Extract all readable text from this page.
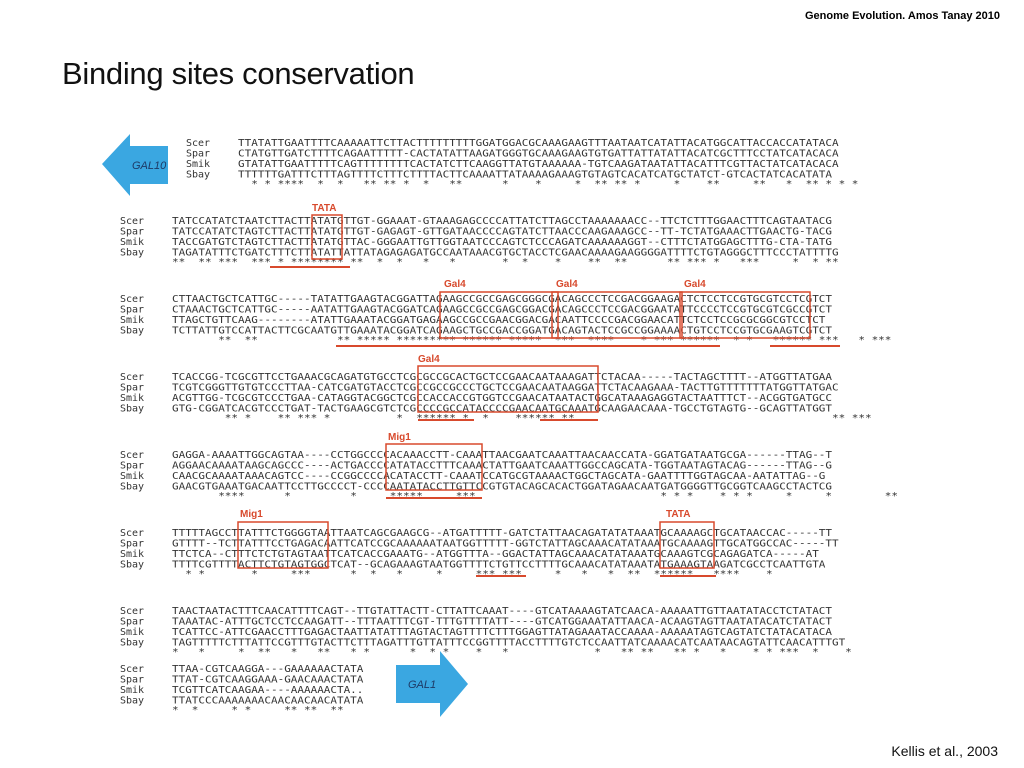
Genome Evolution. Amos Tanay 2010
Binding sites conservation
Kellis et al., 2003
GAL10
GAL1
Scer	TTATATTGAATTTTCAAAAATTCTTACTTTTTTTTTGGATGGACGCAAAGAAGTTTAATAATCATATTACATGGCATTACCACCATATACA
Spar	CTATGTTGATCTTTTCAGAATTTTT-CACTATATTAAGATGGGTGCAAAGAAGTGTGATTATTATATTACATCGCTTTCCTATCATACACA
Smik	GTATATTGAATTTTTCAGTTTTTTTTCACTATCTTCAAGGTTATGTAAAAAA-TGTCAAGATAATATTACATTTCGTTACTATCATACACA
Sbay	TTTTTTGATTTCTTTAGTTTTCTTTCTTTTACTTCAAAATTATAAAAGAAAGTGTAGTCACATCATGCTATCT-GTCACTATCACATATA
* * ****  *  *   ** ** *  *   **      *    *     *  ** ** *     *    **     **   *  ** * * *
Scer	TATCCATATCTAATCTTACTTATATGTTGT-GGAAAT-GTAAAGAGCCCCATTATCTTAGCCTAAAAAAACC--TTCTCTTTGGAACTTTCAGTAATACG
Spar	TATCCATATCTAGTCTTACTTATATGTTGT-GAGAGT-GTTGATAACCCCAGTATCTTAACCCAAGAAAGCC--TT-TCTATGAAACTTGAACTG-TACG
Smik	TACCGATGTCTAGTCTTACTTATATGTTAC-GGGAATTGTTGGTAATCCCAGTCTCCCAGATCAAAAAAGGT--CTTTCTATGGAGCTTTG-CTA-TATG
Sbay	TAGATATTTCTGATCTTTCTTATATTATTATAGAGAGATGCCAATAAACGTGCTACCTCGAACAAAAGAAGGGGATTTTCTGTAGGGCTTTCCCTATTTTG
**  ** ***  *** * ******** **  *  *   *   *       *  *    *    **  **      ** *** *   ***     *  * **
Scer	CTTAACTGCTCATTGC-----TATATTGAAGTACGGATTAGAAGCCGCCGAGCGGGCGACAGCCCTCCGACGGAAGACTCTCCTCCGTGCGTCCTCGTCT
Spar	CTAAACTGCTCATTGC-----AATATTGAAGTACGGATCAGAAGCCGCCGAGCGGACGACAGCCCTCCGACGGAATATTCCCCTCCGTGCGTCGCCGTCT
Smik	TTAGCTGTTCAAG--------ATATTGAAATACGGATGAGAAGCCGCCGAACGGACGACAATTCCCCGACGGAACATTCTCCTCCGCGCGGCGTCCTCT
Sbay	TCTTATTGTCCATTACTTCGCAATGTTGAAATACGGATCAGAAGCTGCCGACCGGATGACAGTACTCCGCCGGAAAACTGTCCTCCGTGCGAAGTCGTCT
**  **            ** ***** ********* ****** *****  ***  ****    * *** ******  * *   ****** ***   * ***
Scer	TCACCGG-TCGCGTTCCTGAAACGCAGATGTGCCTCGCGCCGCACTGCTCCGAACAATAAAGATTCTACAA-----TACTAGCTTTT--ATGGTTATGAA
Spar	TCGTCGGGTTGTGTCCCTTAA-CATCGATGTACCTCGCCGCCGCCCTGCTCCGAACAATAAGGATTCTACAAGAAA-TACTTGTTTTTTTATGGTTATGAC
Smik	ACGTTGG-TCGCGTCCCTGAA-CATAGGTACGGCTCGCCACCACCGTGGTCCGAACATAATACTGGCATAAAGAGGTACTAATTTCT--ACGGTGATGCC
Sbay	GTG-CGGATCACGTCCCTGAT-TACTGAAGCGTCTCGCCCCGCCATACCCCGAACAATGCAAATGCAAGAACAAA-TGCCTGTAGTG--GCAGTTATGGT
** *    ** *** *          *  ****** *  *    ****** **                                       ** ***
Scer	GAGGA-AAAATTGGCAGTAA----CCTGGCCCCACAAACCTT-CAAATTAACGAATCAAATTAACAACCATA-GGATGATAATGCGA------TTAG--T
Spar	AGGAACAAAATAAGCAGCCC----ACTGACCCCATATACCTTTCAAACTATTGAATCAAATTGGCCAGCATA-TGGTAATAGTACAG------TTAG--G
Smik	CAACGCAAAATAAACAGTCC----CCGGCCCCACATACCTT-CAAATCCATGCGTAAAACTGGCTAGCATA-GAATTTTGGTAGCAA-AATATTAG--G
Sbay	GAACGTGAAATGACAATTCCTTGCCCCT-CCCCAATATACCTTGTTCCGTGTACAGCACACTGGATAGAACAATGATGGGGTTGCGGTCAAGCCTACTCG
****      *         *     *****     ***                            * * *    * * *     *     *        **
Scer	TTTTTAGCCTTATTTCTGGGGTAATTAATCAGCGAAGCG--ATGATTTTT-GATCTATTAACAGATATATAAATGCAAAAGCTGCATAACCAC-----TT
Spar	GTTTT--TCTTATTTCCTGAGACAATTCATCCGCAAAAAATAATGGTTTTT-GGTCTATTAGCAAACATATAAATGCAAAAGTTGCATGGCCAC-----TT
Smik	TTCTCA--CTTTCTCTGTAGTAATTCATCACCGAAATG--ATGGTTTA--GGACTATTAGCAAACATATAAATGCAAAGTCGCAGAGATCA-----AT
Sbay	TTTTCGTTTTACTTCTGTAGTGGCTCAT--GCAGAAAGTAATGGTTTTCTGTTCCTTTTGCAAACATATAAATATGAAAGTAAGATCGCCTCAATTGTA
* *       *     ***      *  *   *     *     *** ***     *   *   *  **  ******   ****    *
Scer	TAACTAATACTTTCAACATTTTCAGT--TTGTATTACTT-CTTATTCAAAT----GTCATAAAAGTATCAACA-AAAAATTGTTAATATACCTCTATACT
Spar	TAAATAC-ATTTGCTCCTCCAAGATT--TTTAATTTCGT-TTTGTTTTATT----GTCATGGAAATATTAACA-ACAAGTAGTTAATATACATCTATACT
Smik	TCATTCC-ATTCGAACCTTTGAGACTAATTATATTTAGTACTAGTTTTCTTTGGAGTTATAGAAATACCAAAA-AAAAATAGTCAGTATCTATACATACA
Sbay	TAGTTTTTCTTTATTCCGTTTGTACTTCTTTAGATTTGTTATTTCCGGTTTTACCTTTTGTCTCCAATTATCAAAACATCAATAACAGTATTCAACATTTGT
*   *     *  **   *   **   * *      *  * *    *   *             *   ** **   ** *   *    * * ***  *    *
Scer	TTAA-CGTCAAGGA---GAAAAAACTATA
Spar	TTAT-CGTCAAGGAAA-GAACAAACTATA
Smik	TCGTTCATCAAGAA----AAAAAACTA..
Sbay	TTATCCCAAAAAAACAACAACAACATATA
*  *     * *     ** **  **
TATA
Gal4	Gal4	Gal4
Gal4
Mig1
Mig1	TATA
